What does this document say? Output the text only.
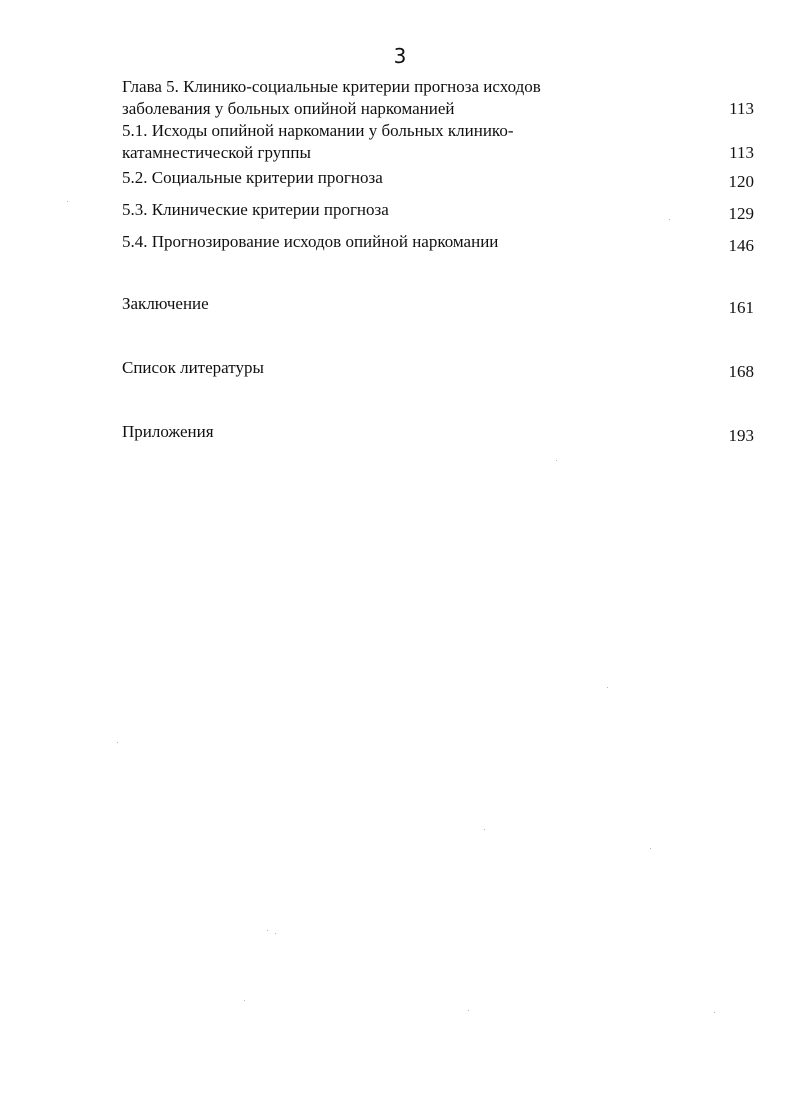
3
Глава 5. Клинико-социальные критерии прогноза исходов
заболевания у больных опийной наркоманией	113
5.1. Исходы опийной наркомании у больных клинико-
катамнестической группы	113
5.2. Социальные критерии прогноза	120
5.3. Клинические критерии прогноза	129
5.4. Прогнозирование исходов опийной наркомании	146
Заключение	161
Список литературы	168
Приложения	193
